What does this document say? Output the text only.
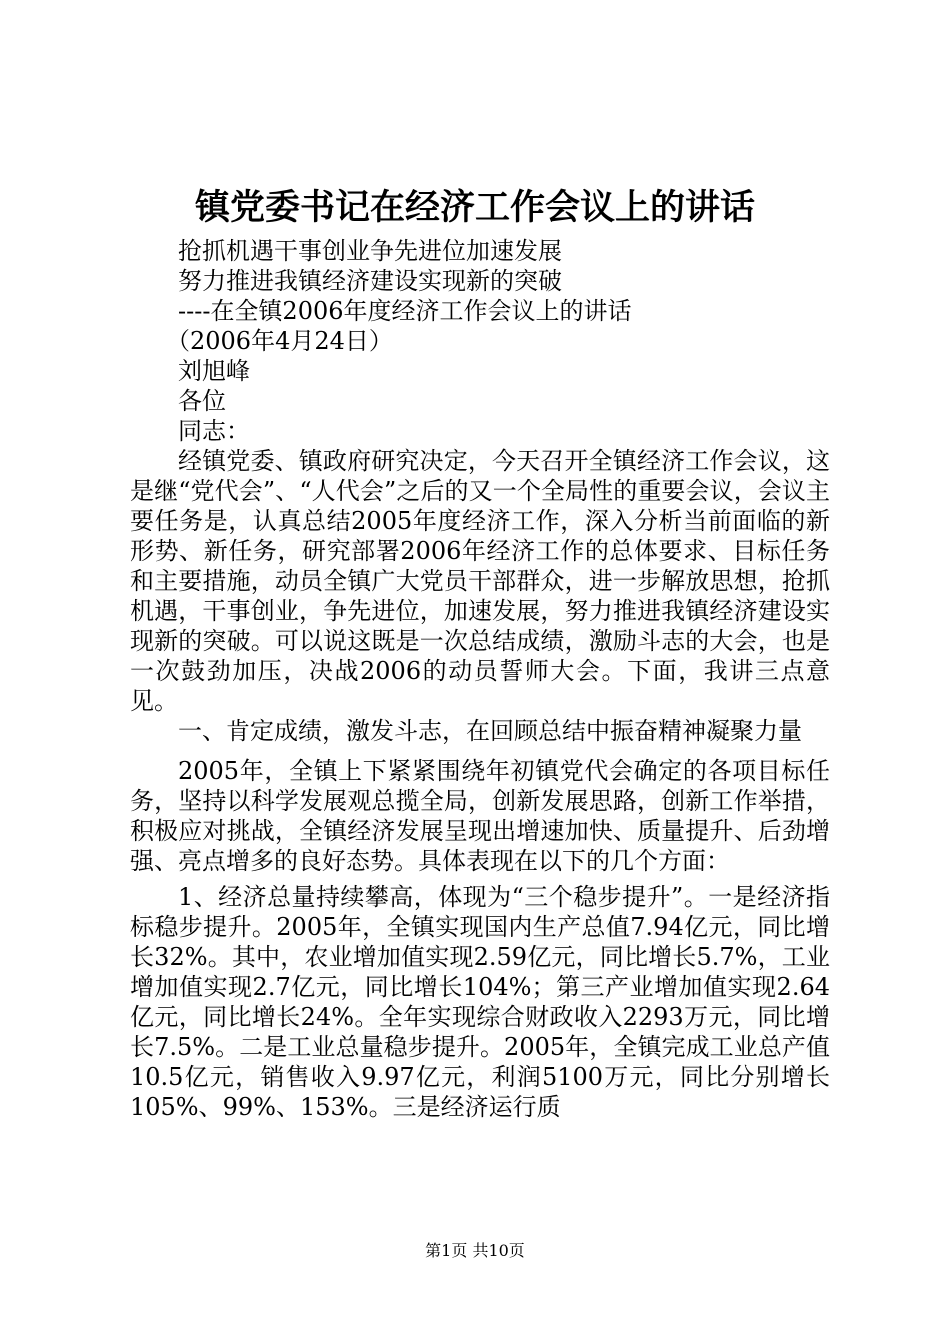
镇党委书记在经济工作会议上的讲话
抢抓机遇干事创业争先进位加速发展
努力推进我镇经济建设实现新的突破
----在全镇2006年度经济工作会议上的讲话
（2006年4月24日）
刘旭峰
各位
同志：

经镇党委、镇政府研究决定，今天召开全镇经济工作会议，这是继“党代会”、“人代会”之后的又一个全局性的重要会议，会议主要任务是，认真总结2005年度经济工作，深入分析当前面临的新形势、新任务，研究部署2006年经济工作的总体要求、目标任务和主要措施，动员全镇广大党员干部群众，进一步解放思想，抢抓机遇，干事创业，争先进位，加速发展，努力推进我镇经济建设实现新的突破。可以说这既是一次总结成绩，激励斗志的大会，也是一次鼓劲加压，决战2006的动员誓师大会。下面，我讲三点意见。

一、肯定成绩，激发斗志，在回顾总结中振奋精神凝聚力量

2005年，全镇上下紧紧围绕年初镇党代会确定的各项目标任务，坚持以科学发展观总揽全局，创新发展思路，创新工作举措，积极应对挑战，全镇经济发展呈现出增速加快、质量提升、后劲增强、亮点增多的良好态势。具体表现在以下的几个方面：

1、经济总量持续攀高，体现为“三个稳步提升”。一是经济指标稳步提升。2005年，全镇实现国内生产总值7.94亿元，同比增长32%。其中，农业增加值实现2.59亿元，同比增长5.7%，工业增加值实现2.7亿元，同比增长104%；第三产业增加值实现2.64亿元，同比增长24%。全年实现综合财政收入2293万元，同比增长7.5%。二是工业总量稳步提升。2005年，全镇完成工业总产值10.5亿元，销售收入9.97亿元，利润5100万元，同比分别增长105%、99%、153%。三是经济运行质

第1页 共10页
